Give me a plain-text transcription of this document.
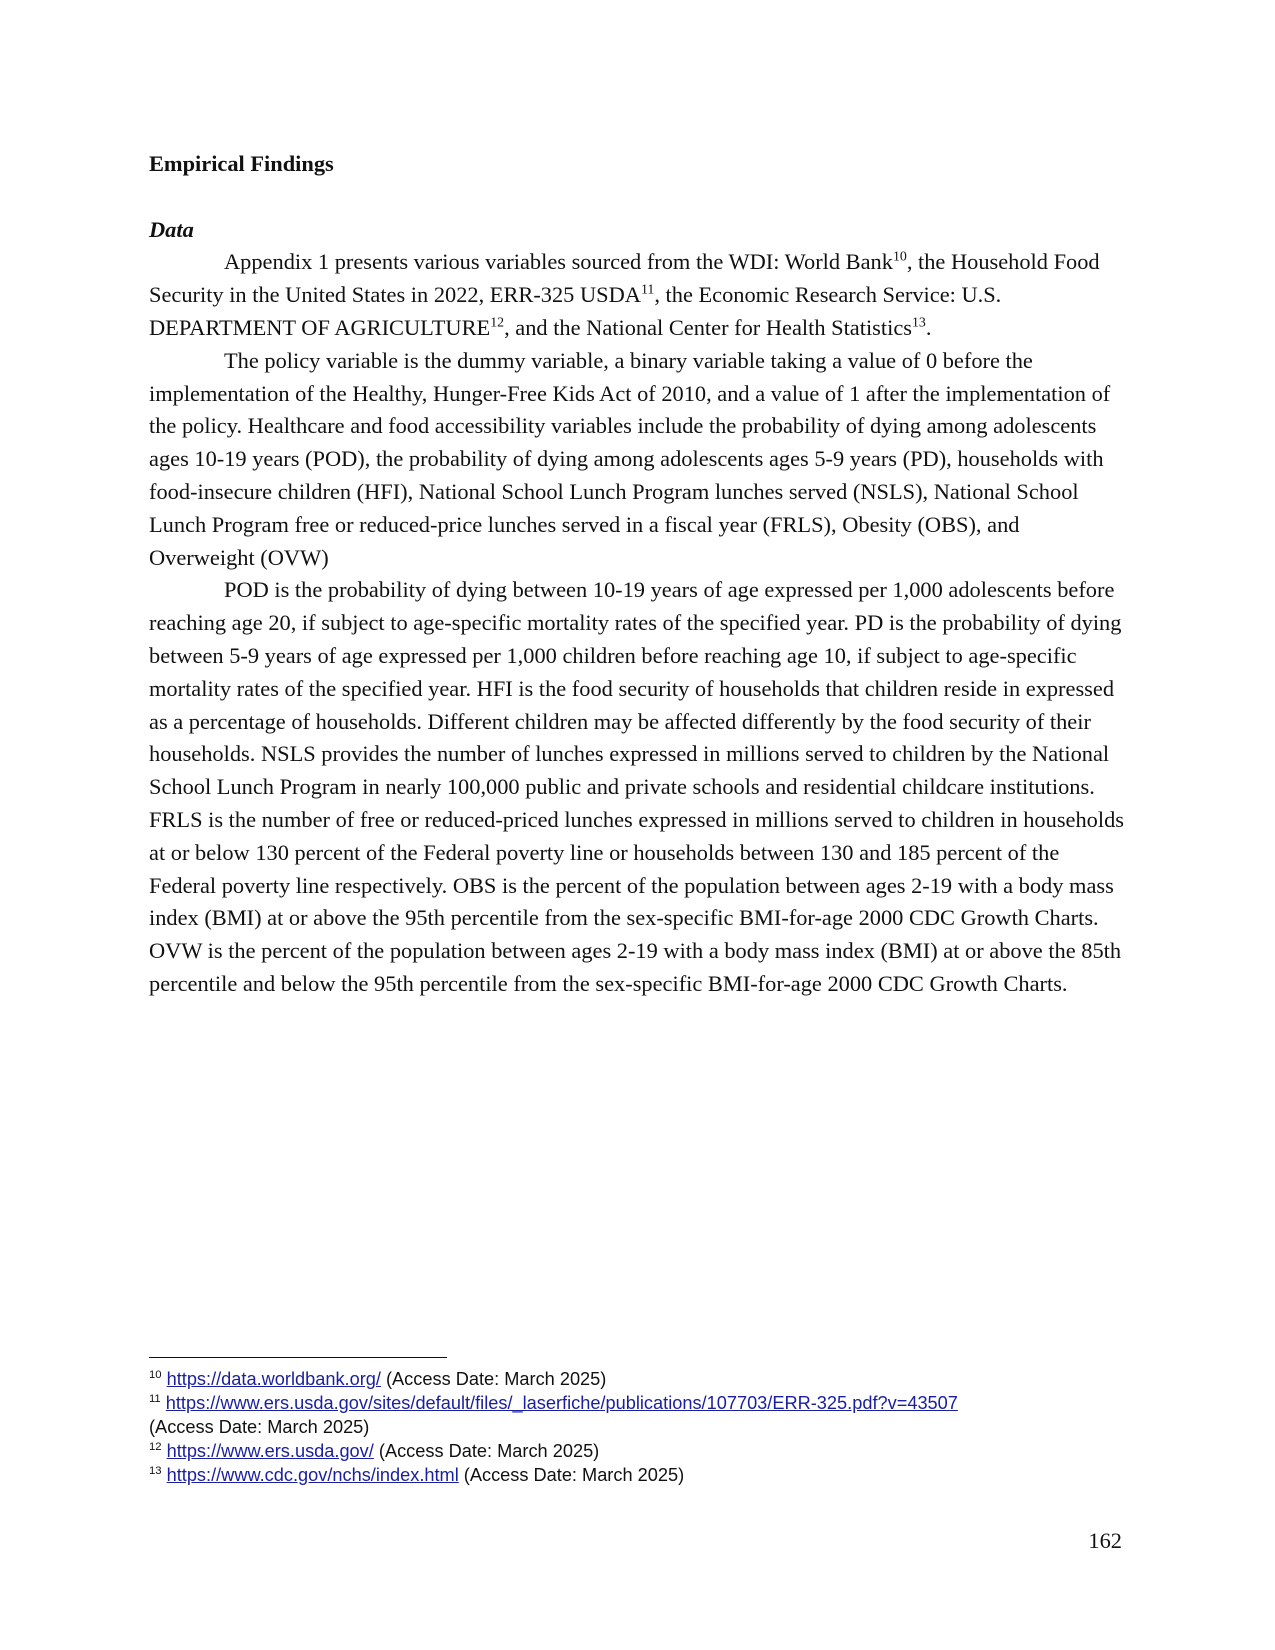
Empirical Findings

Data

Appendix 1 presents various variables sourced from the WDI: World Bank$^{10}$, the Household Food Security in the United States in 2022, ERR-325 USDA$^{11}$, the Economic Research Service: U.S. DEPARTMENT OF AGRICULTURE$^{12}$, and the National Center for Health Statistics$^{13}$.

The policy variable is the dummy variable, a binary variable taking a value of 0 before the implementation of the Healthy, Hunger-Free Kids Act of 2010, and a value of 1 after the implementation of the policy. Healthcare and food accessibility variables include the probability of dying among adolescents ages 10-19 years (POD), the probability of dying among adolescents ages 5-9 years (PD), households with food-insecure children (HFI), National School Lunch Program lunches served (NSLS), National School Lunch Program free or reduced-price lunches served in a fiscal year (FRLS), Obesity (OBS), and Overweight (OVW)

POD is the probability of dying between 10-19 years of age expressed per 1,000 adolescents before reaching age 20, if subject to age-specific mortality rates of the specified year. PD is the probability of dying between 5-9 years of age expressed per 1,000 children before reaching age 10, if subject to age-specific mortality rates of the specified year. HFI is the food security of households that children reside in expressed as a percentage of households. Different children may be affected differently by the food security of their households. NSLS provides the number of lunches expressed in millions served to children by the National School Lunch Program in nearly 100,000 public and private schools and residential childcare institutions. FRLS is the number of free or reduced-priced lunches expressed in millions served to children in households at or below 130 percent of the Federal poverty line or households between 130 and 185 percent of the Federal poverty line respectively. OBS is the percent of the population between ages 2-19 with a body mass index (BMI) at or above the 95th percentile from the sex-specific BMI-for-age 2000 CDC Growth Charts. OVW is the percent of the population between ages 2-19 with a body mass index (BMI) at or above the 85th percentile and below the 95th percentile from the sex-specific BMI-for-age 2000 CDC Growth Charts.

$^{10}$ https://data.worldbank.org/ (Access Date: March 2025)

$^{11}$ https://www.ers.usda.gov/sites/default/files/_laserfiche/publications/107703/ERR-325.pdf?v=43507
(Access Date: March 2025)

$^{12}$ https://www.ers.usda.gov/ (Access Date: March 2025)

$^{13}$ https://www.cdc.gov/nchs/index.html (Access Date: March 2025)

162
